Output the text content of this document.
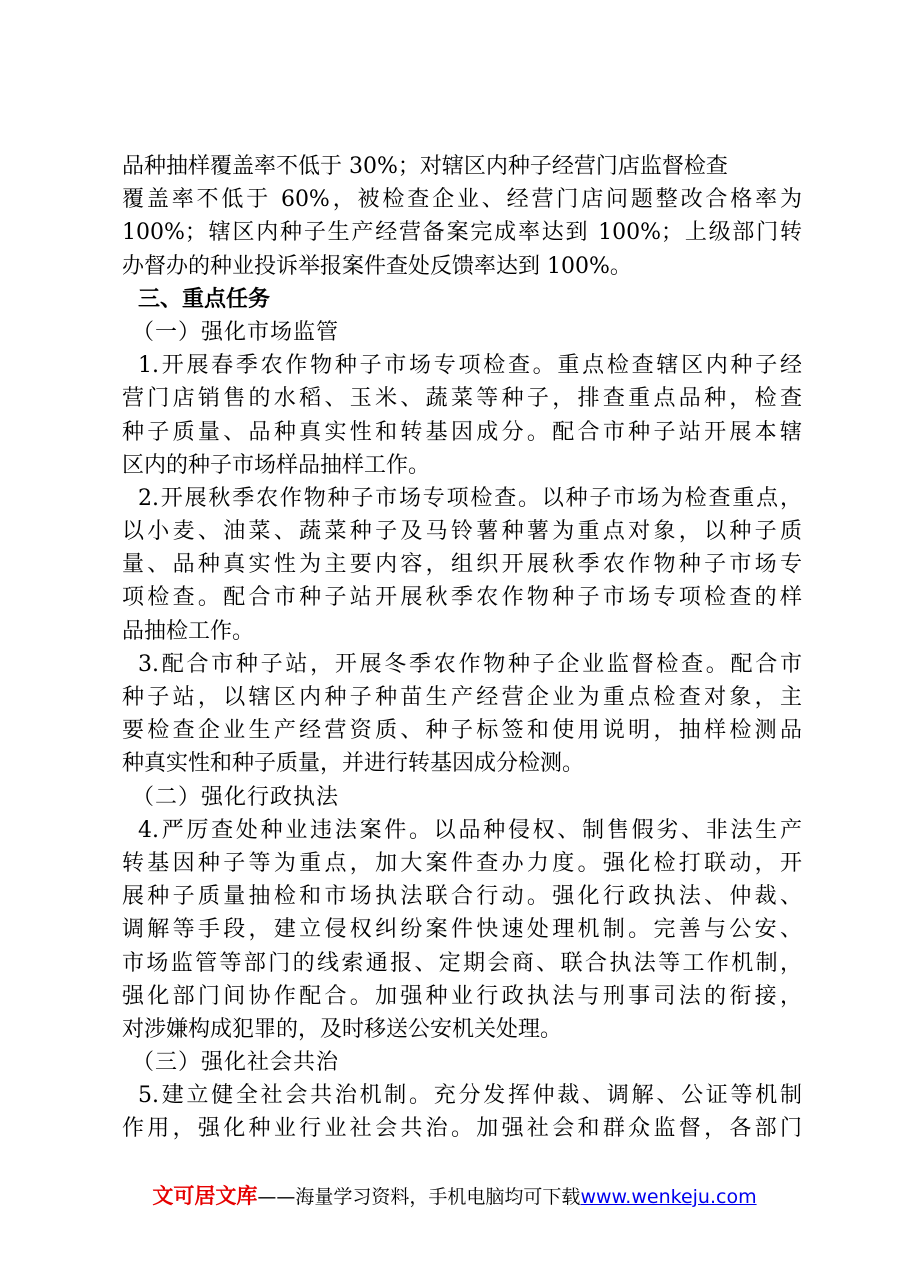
品种抽样覆盖率不低于 30%；对辖区内种子经营门店监督检查
覆盖率不低于 60%，被检查企业、经营门店问题整改合格率为
100%；辖区内种子生产经营备案完成率达到 100%；上级部门转
办督办的种业投诉举报案件查处反馈率达到 100%。
三、重点任务
（一）强化市场监管
1.开展春季农作物种子市场专项检查。重点检查辖区内种子经
营门店销售的水稻、玉米、蔬菜等种子，排查重点品种，检查
种子质量、品种真实性和转基因成分。配合市种子站开展本辖
区内的种子市场样品抽样工作。
2.开展秋季农作物种子市场专项检查。以种子市场为检查重点，
以小麦、油菜、蔬菜种子及马铃薯种薯为重点对象，以种子质
量、品种真实性为主要内容，组织开展秋季农作物种子市场专
项检查。配合市种子站开展秋季农作物种子市场专项检查的样
品抽检工作。
3.配合市种子站，开展冬季农作物种子企业监督检查。配合市
种子站，以辖区内种子种苗生产经营企业为重点检查对象，主
要检查企业生产经营资质、种子标签和使用说明，抽样检测品
种真实性和种子质量，并进行转基因成分检测。
（二）强化行政执法
4.严厉查处种业违法案件。以品种侵权、制售假劣、非法生产
转基因种子等为重点，加大案件查办力度。强化检打联动，开
展种子质量抽检和市场执法联合行动。强化行政执法、仲裁、
调解等手段，建立侵权纠纷案件快速处理机制。完善与公安、
市场监管等部门的线索通报、定期会商、联合执法等工作机制，
强化部门间协作配合。加强种业行政执法与刑事司法的衔接，
对涉嫌构成犯罪的，及时移送公安机关处理。
（三）强化社会共治
5.建立健全社会共治机制。充分发挥仲裁、调解、公证等机制
作用，强化种业行业社会共治。加强社会和群众监督，各部门
文可居文库——海量学习资料，手机电脑均可下载www.wenkeju.com
